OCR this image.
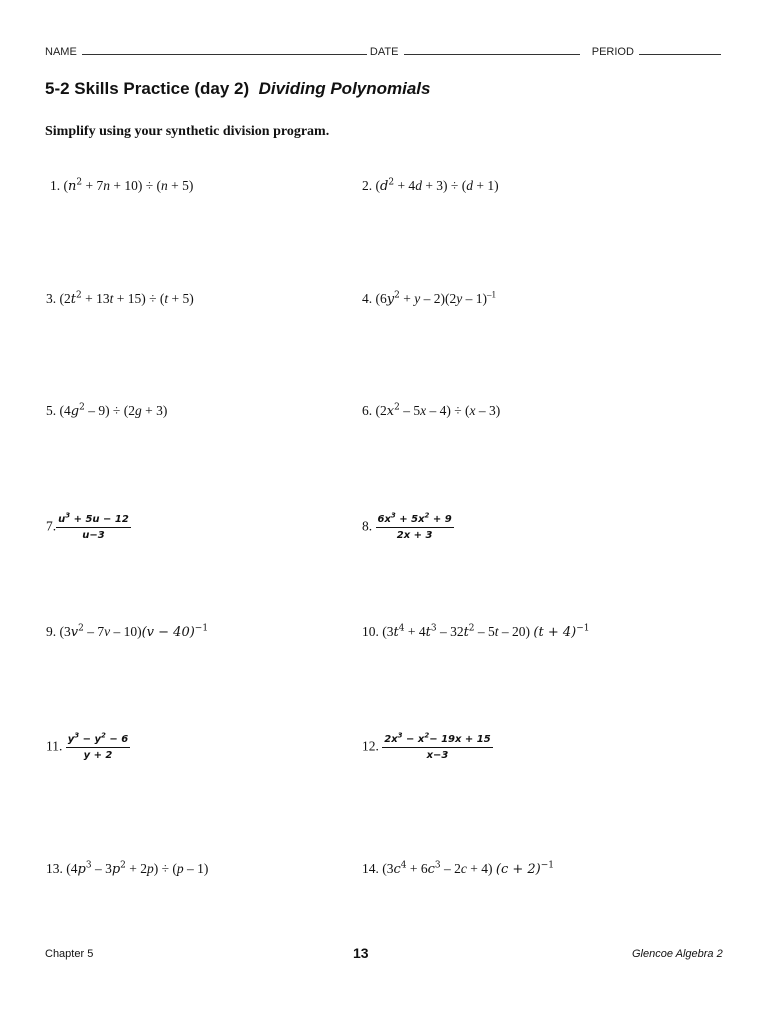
NAME	DATE	PERIOD
5-2 Skills Practice (day 2) Dividing Polynomials
Simplify using your synthetic division program.
1. $(n^2 + 7n + 10) \div (n + 5)$	2. $(d^2 + 4d + 3) \div (d + 1)$
3. $(2t^2 + 13t + 15) \div (t + 5)$	4. $(6y^2 + y - 2)(2y - 1)^{-1}$
5. $(4g^2 - 9) \div (2g + 3)$	6. $(2x^2 - 5x - 4) \div (x - 3)$
7. $\frac{u^3 + 5u - 12}{u-3}$	8. $\frac{6x^3 + 5x^2 + 9}{2x + 3}$
9. $(3v^2 - 7v - 10)(v - 40)^{-1}$	10. $(3t^4 + 4t^3 - 32t^2 - 5t - 20) (t + 4)^{-1}$
11. $\frac{y^3 - y^2 - 6}{y + 2}$	12. $\frac{2x^3 - x^2- 19x + 15}{x-3}$
13. $(4p^3 - 3p^2 + 2p) \div (p - 1)$	14. $(3c^4 + 6c^3 - 2c + 4) (c + 2)^{-1}$
Chapter 5	13	Glencoe Algebra 2
